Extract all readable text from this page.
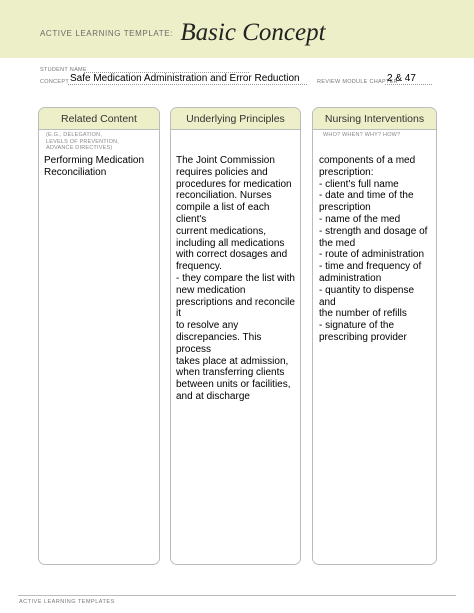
$^{ACTIVE LEARNING TEMPLATE:}$ Basic Concept
STUDENT NAME
CONCEPT Safe Medication Administration and Error Reduction	REVIEW MODULE CHAPTER
2 & 47
Related Content
(E.G., DELEGATION,
LEVELS OF PREVENTION,
ADVANCE DIRECTIVES)
Performing Medication
Reconciliation
Underlying Principles
The Joint Commission
requires policies and
procedures for medication
reconciliation. Nurses
compile a list of each client's
current medications,
including all medications
with correct dosages and
frequency.
- they compare the list with
new medication
prescriptions and reconcile it
to resolve any
discrepancies. This process
takes place at admission,
when transferring clients
between units or facilities,
and at discharge
Nursing Interventions
WHO? WHEN? WHY? HOW?
components of a med
prescription:
- client's full name
- date and time of the
prescription
- name of the med
- strength and dosage of
the med
- route of administration
- time and frequency of
administration
- quantity to dispense and
the number of refills
- signature of the
prescribing provider
ACTIVE LEARNING TEMPLATES
